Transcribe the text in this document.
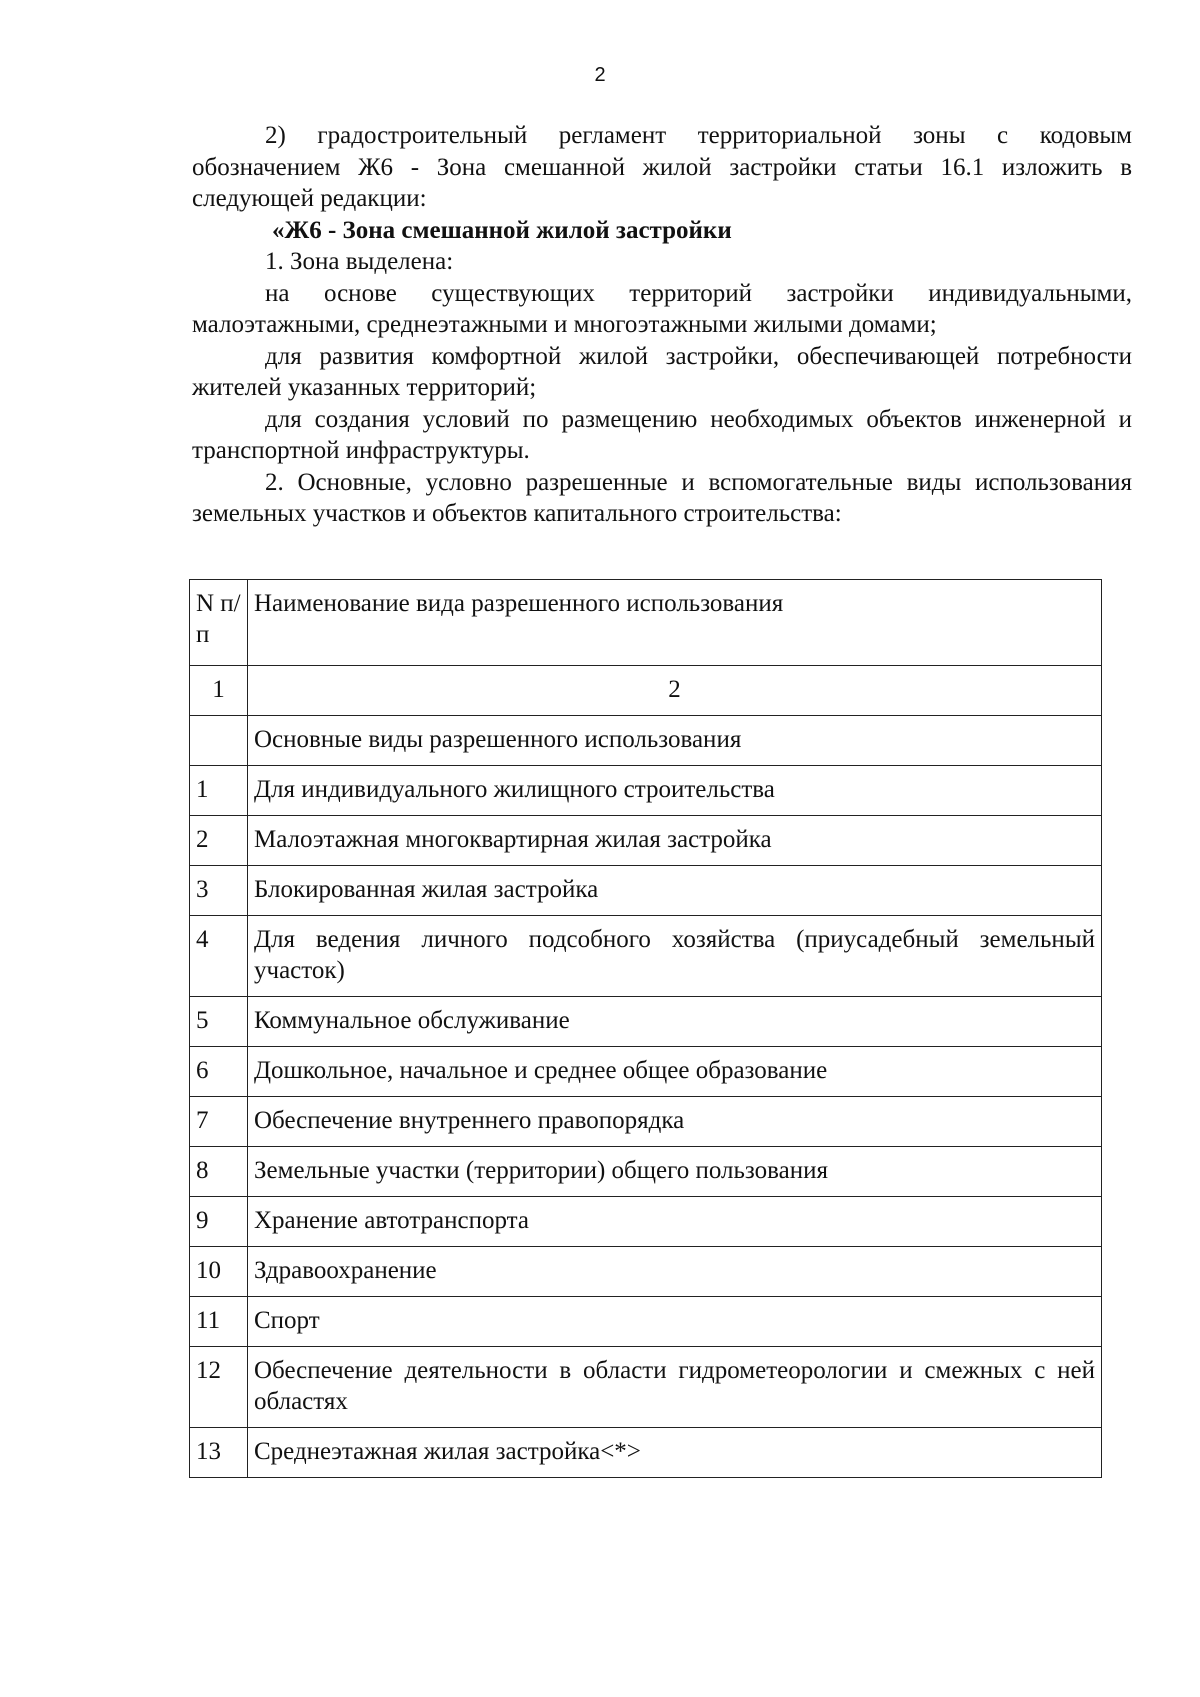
2

2) градостроительный регламент территориальной зоны с кодовым обозначением Ж6 - Зона смешанной жилой застройки статьи 16.1 изложить в следующей редакции:

«Ж6 - Зона смешанной жилой застройки

1. Зона выделена:

на основе существующих территорий застройки индивидуальными, малоэтажными, среднеэтажными и многоэтажными жилыми домами;

для развития комфортной жилой застройки, обеспечивающей потребности жителей указанных территорий;

для создания условий по размещению необходимых объектов инженерной и транспортной инфраструктуры.

2. Основные, условно разрешенные и вспомогательные виды использования земельных участков и объектов капитального строительства:

N п/п	Наименование вида разрешенного использования
1	2
	Основные виды разрешенного использования
1	Для индивидуального жилищного строительства
2	Малоэтажная многоквартирная жилая застройка
3	Блокированная жилая застройка
4	Для ведения личного подсобного хозяйства (приусадебный земельный участок)
5	Коммунальное обслуживание
6	Дошкольное, начальное и среднее общее образование
7	Обеспечение внутреннего правопорядка
8	Земельные участки (территории) общего пользования
9	Хранение автотранспорта
10	Здравоохранение
11	Спорт
12	Обеспечение деятельности в области гидрометеорологии и смежных с ней областях
13	Среднеэтажная жилая застройка<*>
